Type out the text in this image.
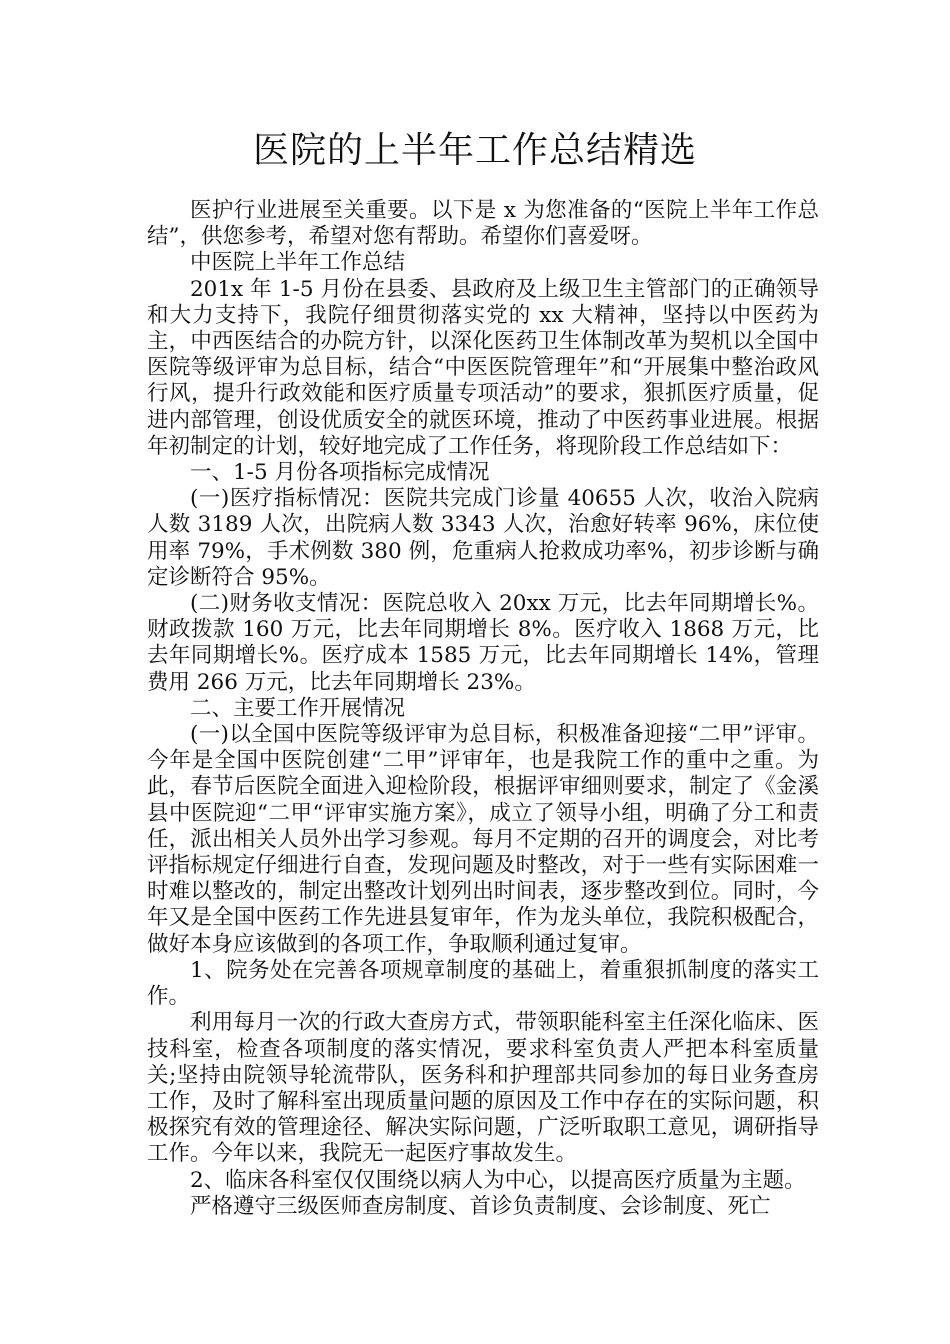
医院的上半年工作总结精选

医护行业进展至关重要。以下是 x 为您准备的“医院上半年工作总结”，供您参考，希望对您有帮助。希望你们喜爱呀。

中医院上半年工作总结

201x 年 1-5 月份在县委、县政府及上级卫生主管部门的正确领导和大力支持下，我院仔细贯彻落实党的 xx 大精神，坚持以中医药为主，中西医结合的办院方针，以深化医药卫生体制改革为契机以全国中医院等级评审为总目标，结合“中医医院管理年”和“开展集中整治政风行风，提升行政效能和医疗质量专项活动”的要求，狠抓医疗质量，促进内部管理，创设优质安全的就医环境，推动了中医药事业进展。根据年初制定的计划，较好地完成了工作任务，将现阶段工作总结如下：

一、1-5 月份各项指标完成情况

(一)医疗指标情况：医院共完成门诊量 40655 人次，收治入院病人数 3189 人次，出院病人数 3343 人次，治愈好转率 96%，床位使用率 79%，手术例数 380 例，危重病人抢救成功率%，初步诊断与确定诊断符合 95%。

(二)财务收支情况：医院总收入 20xx 万元，比去年同期增长%。财政拨款 160 万元，比去年同期增长 8%。医疗收入 1868 万元，比去年同期增长%。医疗成本 1585 万元，比去年同期增长 14%，管理费用 266 万元，比去年同期增长 23%。

二、主要工作开展情况

(一)以全国中医院等级评审为总目标，积极准备迎接“二甲”评审。今年是全国中医院创建“二甲”评审年，也是我院工作的重中之重。为此，春节后医院全面进入迎检阶段，根据评审细则要求，制定了《金溪县中医院迎“二甲“评审实施方案》，成立了领导小组，明确了分工和责任，派出相关人员外出学习参观。每月不定期的召开的调度会，对比考评指标规定仔细进行自查，发现问题及时整改，对于一些有实际困难一时难以整改的，制定出整改计划列出时间表，逐步整改到位。同时，今年又是全国中医药工作先进县复审年，作为龙头单位，我院积极配合，做好本身应该做到的各项工作，争取顺利通过复审。

1、院务处在完善各项规章制度的基础上，着重狠抓制度的落实工作。

利用每月一次的行政大查房方式，带领职能科室主任深化临床、医技科室，检查各项制度的落实情况，要求科室负责人严把本科室质量关;坚持由院领导轮流带队，医务科和护理部共同参加的每日业务查房工作，及时了解科室出现质量问题的原因及工作中存在的实际问题，积极探究有效的管理途径、解决实际问题，广泛听取职工意见，调研指导工作。今年以来，我院无一起医疗事故发生。

2、临床各科室仅仅围绕以病人为中心，以提高医疗质量为主题。

严格遵守三级医师查房制度、首诊负责制度、会诊制度、死亡
